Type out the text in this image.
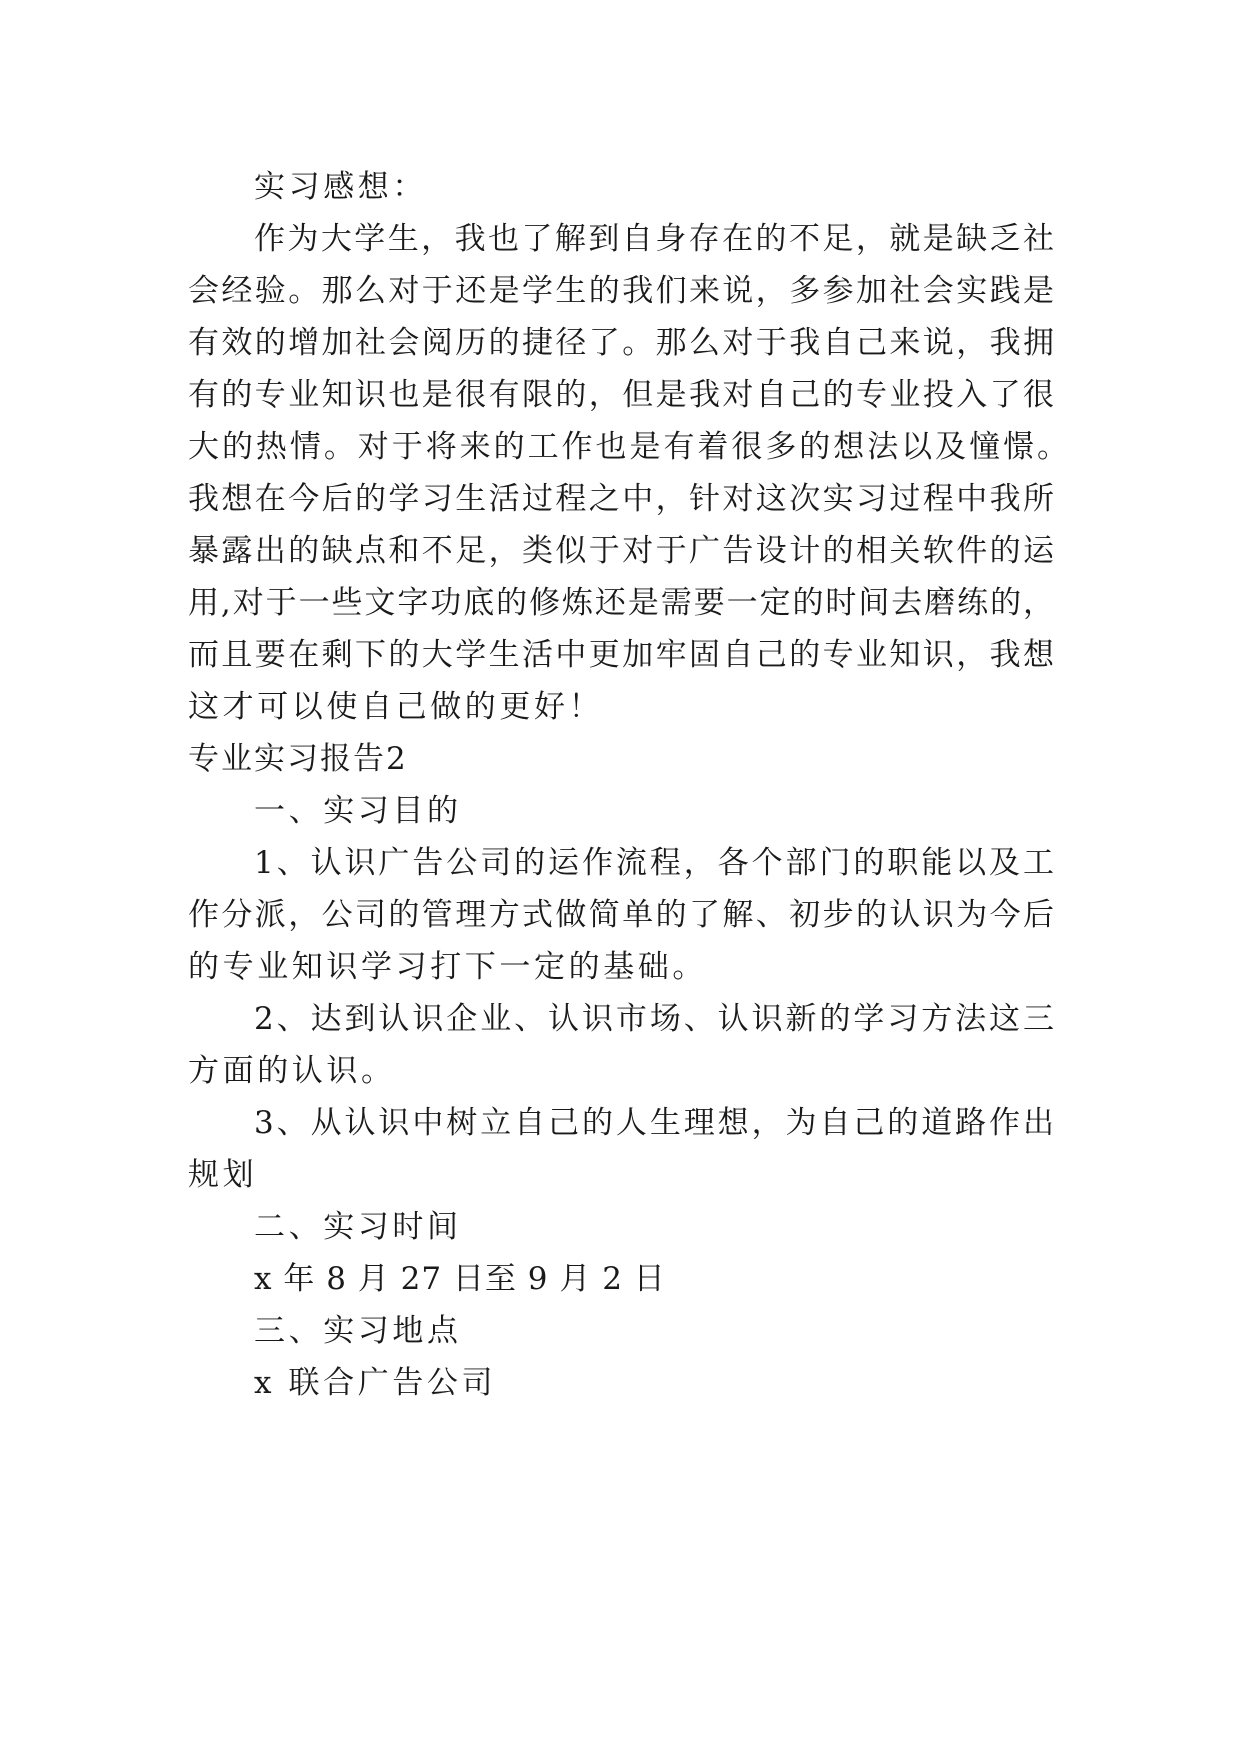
实习感想：
作为大学生，我也了解到自身存在的不足，就是缺乏社
会经验。那么对于还是学生的我们来说，多参加社会实践是
有效的增加社会阅历的捷径了。那么对于我自己来说，我拥
有的专业知识也是很有限的，但是我对自己的专业投入了很
大的热情。对于将来的工作也是有着很多的想法以及憧憬。
我想在今后的学习生活过程之中，针对这次实习过程中我所
暴露出的缺点和不足，类似于对于广告设计的相关软件的运
用,对于一些文字功底的修炼还是需要一定的时间去磨练的，
而且要在剩下的大学生活中更加牢固自己的专业知识，我想
这才可以使自己做的更好！
专业实习报告2
一、实习目的
1、认识广告公司的运作流程，各个部门的职能以及工
作分派，公司的管理方式做简单的了解、初步的认识为今后
的专业知识学习打下一定的基础。
2、达到认识企业、认识市场、认识新的学习方法这三
方面的认识。
3、从认识中树立自己的人生理想，为自己的道路作出
规划
二、实习时间
x 年 8 月 27 日至 9 月 2 日
三、实习地点
x 联合广告公司
